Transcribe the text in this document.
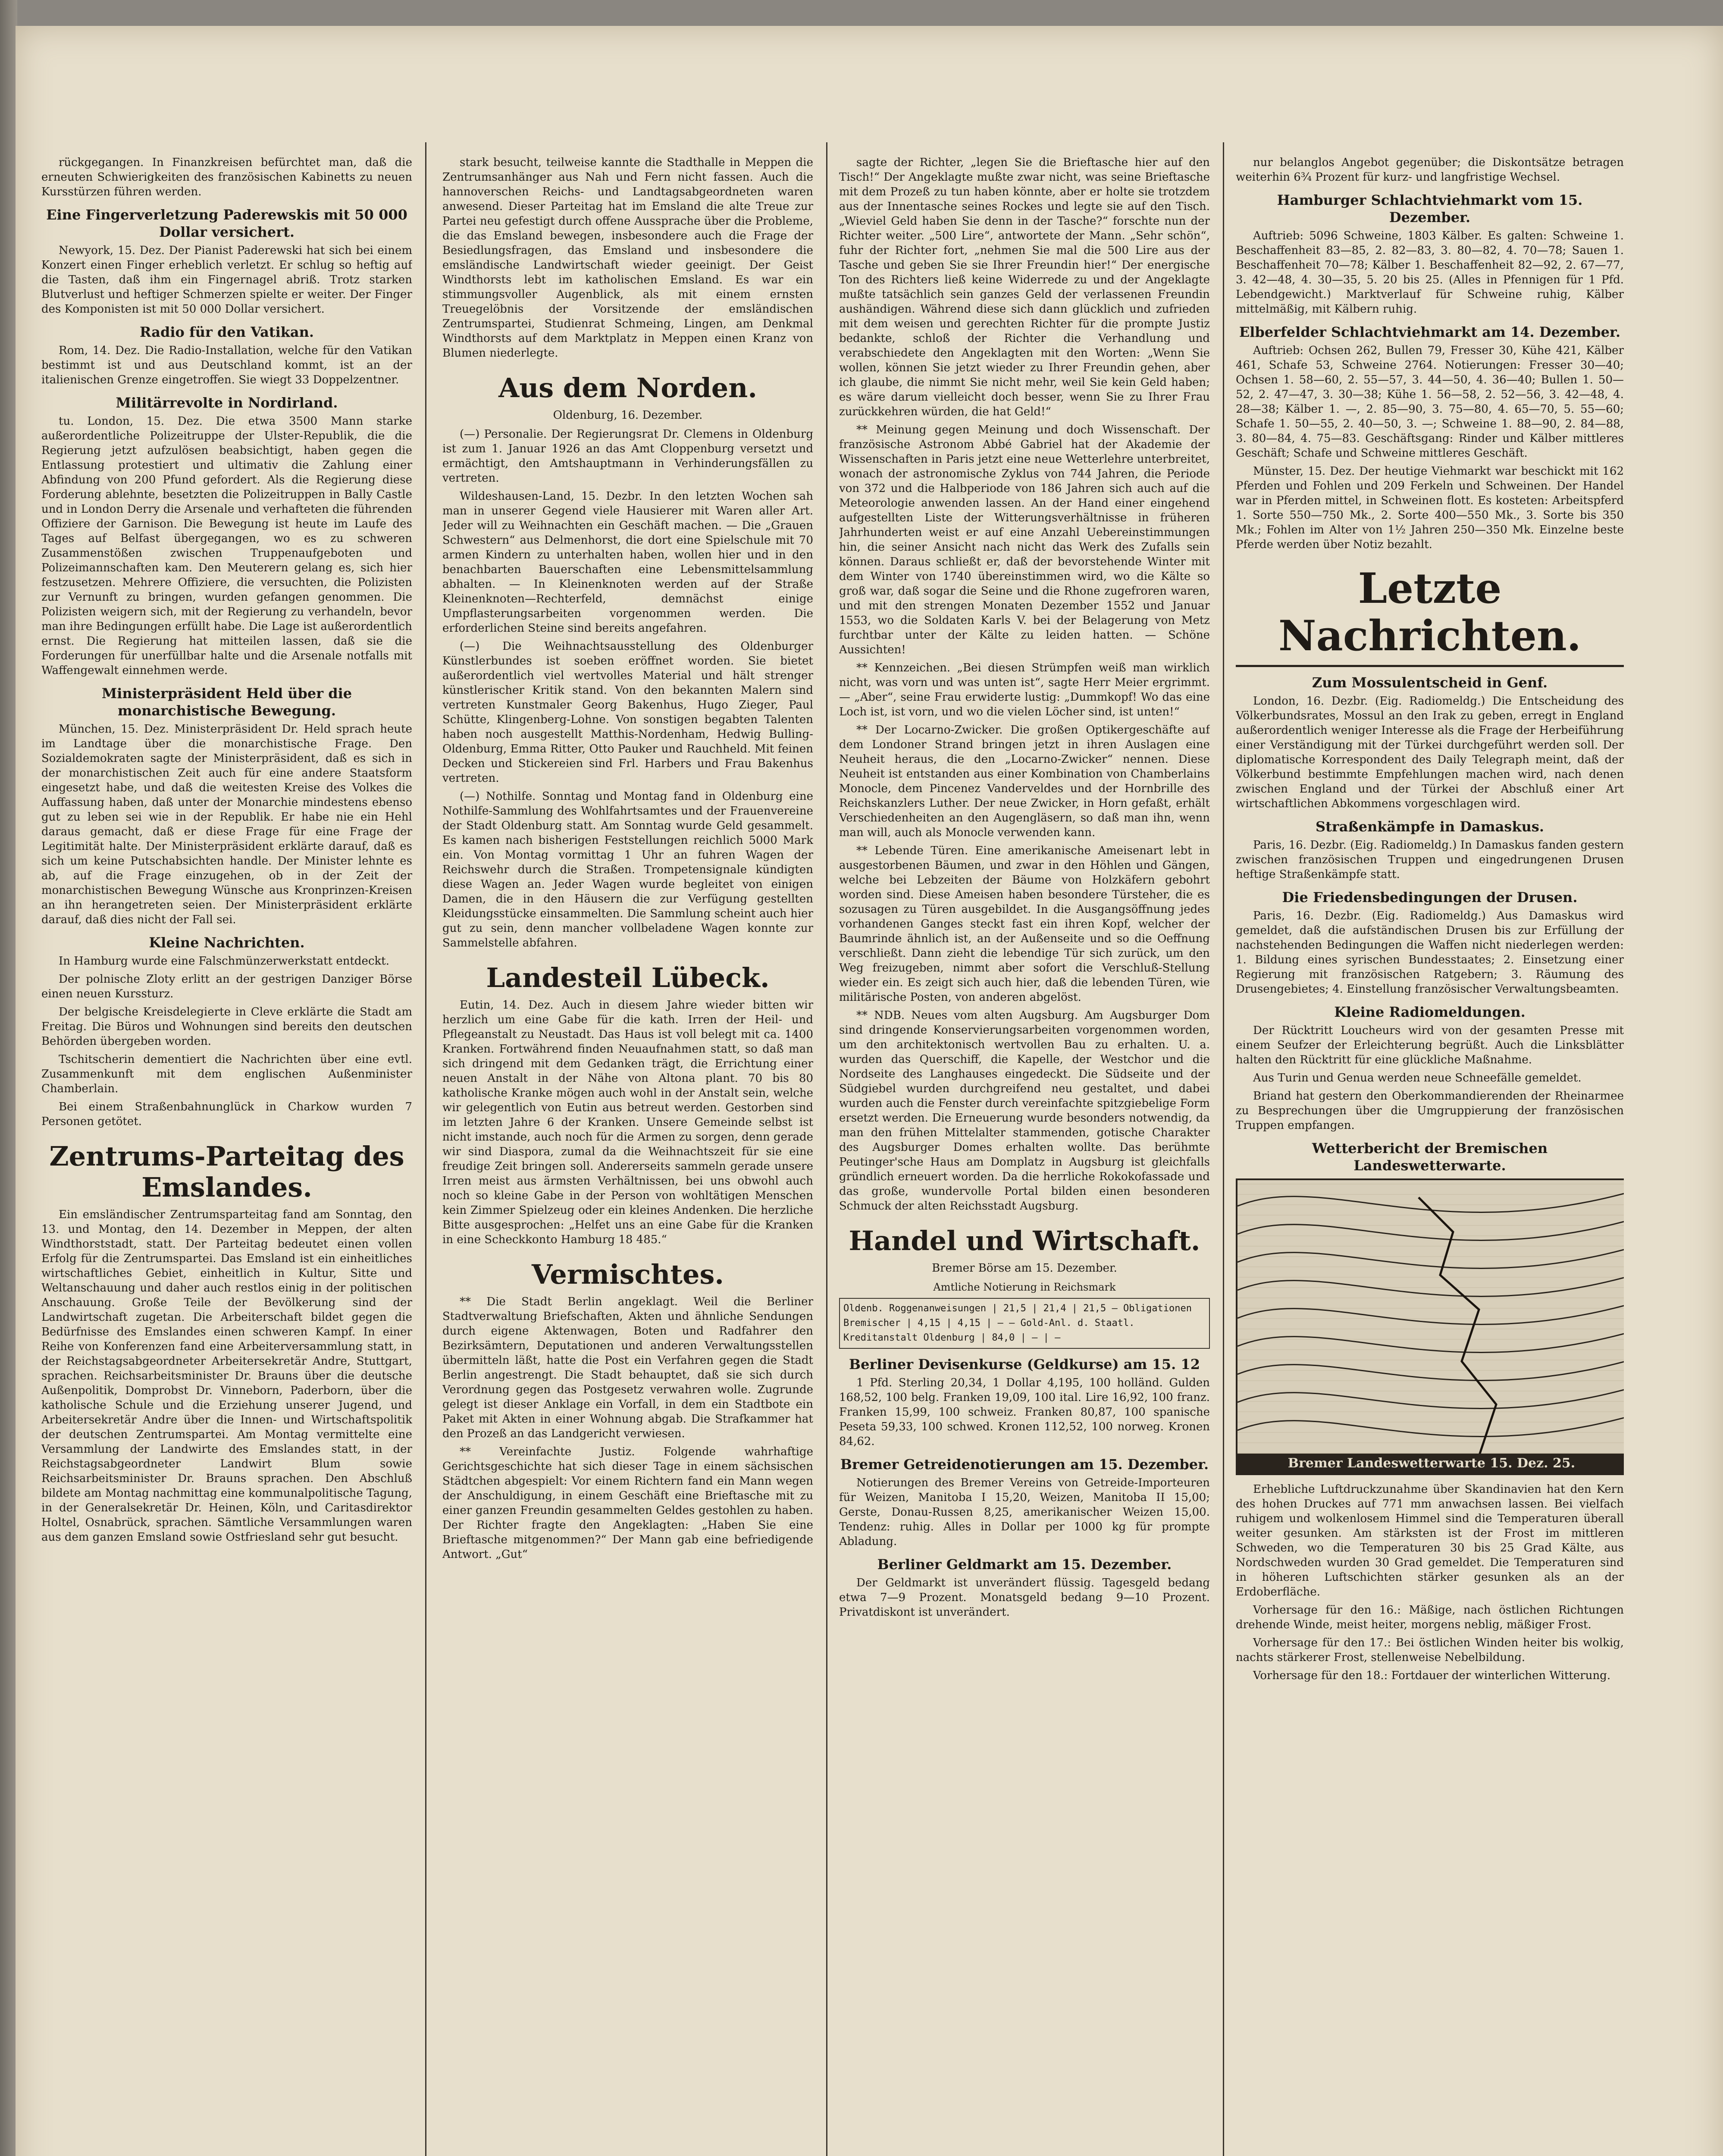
rückgegangen. In Finanzkreisen befürchtet man, daß die erneuten Schwierigkeiten des französischen Kabinetts zu neuen Kursstürzen führen werden.

Eine Fingerverletzung Paderewskis mit 50 000 Dollar versichert.

Newyork, 15. Dez. Der Pianist Paderewski hat sich bei einem Konzert einen Finger erheblich verletzt. Er schlug so heftig auf die Tasten, daß ihm ein Fingernagel abriß. Trotz starken Blutverlust und heftiger Schmerzen spielte er weiter. Der Finger des Komponisten ist mit 50 000 Dollar versichert.

Radio für den Vatikan.

Rom, 14. Dez. Die Radio-Installation, welche für den Vatikan bestimmt ist und aus Deutschland kommt, ist an der italienischen Grenze eingetroffen. Sie wiegt 33 Doppelzentner.

Militärrevolte in Nordirland.

tu. London, 15. Dez. Die etwa 3500 Mann starke außerordentliche Polizeitruppe der Ulster-Republik, die die Regierung jetzt aufzulösen beabsichtigt, haben gegen die Entlassung protestiert und ultimativ die Zahlung einer Abfindung von 200 Pfund gefordert. Als die Regierung diese Forderung ablehnte, besetzten die Polizeitruppen in Bally Castle und in London Derry die Arsenale und verhafteten die führenden Offiziere der Garnison. Die Bewegung ist heute im Laufe des Tages auf Belfast übergegangen, wo es zu schweren Zusammenstößen zwischen Truppenaufgeboten und Polizeimannschaften kam. Den Meuterern gelang es, sich hier festzusetzen. Mehrere Offiziere, die versuchten, die Polizisten zur Vernunft zu bringen, wurden gefangen genommen. Die Polizisten weigern sich, mit der Regierung zu verhandeln, bevor man ihre Bedingungen erfüllt habe. Die Lage ist außerordentlich ernst. Die Regierung hat mitteilen lassen, daß sie die Forderungen für unerfüllbar halte und die Arsenale notfalls mit Waffengewalt einnehmen werde.

Ministerpräsident Held über die monarchistische Bewegung.

München, 15. Dez. Ministerpräsident Dr. Held sprach heute im Landtage über die monarchistische Frage. Den Sozialdemokraten sagte der Ministerpräsident, daß es sich in der monarchistischen Zeit auch für eine andere Staatsform eingesetzt habe, und daß die weitesten Kreise des Volkes die Auffassung haben, daß unter der Monarchie mindestens ebenso gut zu leben sei wie in der Republik. Er habe nie ein Hehl daraus gemacht, daß er diese Frage für eine Frage der Legitimität halte. Der Ministerpräsident erklärte darauf, daß es sich um keine Putschabsichten handle. Der Minister lehnte es ab, auf die Frage einzugehen, ob in der Zeit der monarchistischen Bewegung Wünsche aus Kronprinzen-Kreisen an ihn herangetreten seien. Der Ministerpräsident erklärte darauf, daß dies nicht der Fall sei.

Kleine Nachrichten.

In Hamburg wurde eine Falschmünzerwerkstatt entdeckt.

Der polnische Zloty erlitt an der gestrigen Danziger Börse einen neuen Kurssturz.

Der belgische Kreisdelegierte in Cleve erklärte die Stadt am Freitag. Die Büros und Wohnungen sind bereits den deutschen Behörden übergeben worden.

Tschitscherin dementiert die Nachrichten über eine evtl. Zusammenkunft mit dem englischen Außenminister Chamberlain.

Bei einem Straßenbahnunglück in Charkow wurden 7 Personen getötet.

Zentrums-Parteitag des Emslandes.

Ein emsländischer Zentrumsparteitag fand am Sonntag, den 13. und Montag, den 14. Dezember in Meppen, der alten Windthorststadt, statt. Der Parteitag bedeutet einen vollen Erfolg für die Zentrumspartei. Das Emsland ist ein einheitliches wirtschaftliches Gebiet, einheitlich in Kultur, Sitte und Weltanschauung und daher auch restlos einig in der politischen Anschauung. Große Teile der Bevölkerung sind der Landwirtschaft zugetan. Die Arbeiterschaft bildet gegen die Bedürfnisse des Emslandes einen schweren Kampf. In einer Reihe von Konferenzen fand eine Arbeiterversammlung statt, in der Reichstagsabgeordneter Arbeitersekretär Andre, Stuttgart, sprachen. Reichsarbeitsminister Dr. Brauns über die deutsche Außenpolitik, Domprobst Dr. Vinneborn, Paderborn, über die katholische Schule und die Erziehung unserer Jugend, und Arbeitersekretär Andre über die Innen- und Wirtschaftspolitik der deutschen Zentrumspartei. Am Montag vermittelte eine Versammlung der Landwirte des Emslandes statt, in der Reichstagsabgeordneter Landwirt Blum sowie Reichsarbeitsminister Dr. Brauns sprachen. Den Abschluß bildete am Montag nachmittag eine kommunalpolitische Tagung, in der Generalsekretär Dr. Heinen, Köln, und Caritasdirektor Holtel, Osnabrück, sprachen. Sämtliche Versammlungen waren aus dem ganzen Emsland sowie Ostfriesland sehr gut besucht.

stark besucht, teilweise kannte die Stadthalle in Meppen die Zentrumsanhänger aus Nah und Fern nicht fassen. Auch die hannoverschen Reichs- und Landtagsabgeordneten waren anwesend. Dieser Parteitag hat im Emsland die alte Treue zur Partei neu gefestigt durch offene Aussprache über die Probleme, die das Emsland bewegen, insbesondere auch die Frage der Besiedlungsfragen, das Emsland und insbesondere die emsländische Landwirtschaft wieder geeinigt. Der Geist Windthorsts lebt im katholischen Emsland. Es war ein stimmungsvoller Augenblick, als mit einem ernsten Treuegelöbnis der Vorsitzende der emsländischen Zentrumspartei, Studienrat Schmeing, Lingen, am Denkmal Windthorsts auf dem Marktplatz in Meppen einen Kranz von Blumen niederlegte.

Aus dem Norden.
Oldenburg, 16. Dezember.

(—) Personalie. Der Regierungsrat Dr. Clemens in Oldenburg ist zum 1. Januar 1926 an das Amt Cloppenburg versetzt und ermächtigt, den Amtshauptmann in Verhinderungsfällen zu vertreten.

Wildeshausen-Land, 15. Dezbr. In den letzten Wochen sah man in unserer Gegend viele Hausierer mit Waren aller Art. Jeder will zu Weihnachten ein Geschäft machen. — Die „Grauen Schwestern“ aus Delmenhorst, die dort eine Spielschule mit 70 armen Kindern zu unterhalten haben, wollen hier und in den benachbarten Bauerschaften eine Lebensmittelsammlung abhalten. — In Kleinenknoten werden auf der Straße Kleinenknoten—Rechterfeld, demnächst einige Umpflasterungsarbeiten vorgenommen werden. Die erforderlichen Steine sind bereits angefahren.

(—) Die Weihnachtsausstellung des Oldenburger Künstlerbundes ist soeben eröffnet worden. Sie bietet außerordentlich viel wertvolles Material und hält strenger künstlerischer Kritik stand. Von den bekannten Malern sind vertreten Kunstmaler Georg Bakenhus, Hugo Zieger, Paul Schütte, Klingenberg-Lohne. Von sonstigen begabten Talenten haben noch ausgestellt Matthis-Nordenham, Hedwig Bulling-Oldenburg, Emma Ritter, Otto Pauker und Rauchheld. Mit feinen Decken und Stickereien sind Frl. Harbers und Frau Bakenhus vertreten.

(—) Nothilfe. Sonntag und Montag fand in Oldenburg eine Nothilfe-Sammlung des Wohlfahrtsamtes und der Frauenvereine der Stadt Oldenburg statt. Am Sonntag wurde Geld gesammelt. Es kamen nach bisherigen Feststellungen reichlich 5000 Mark ein. Von Montag vormittag 1 Uhr an fuhren Wagen der Reichswehr durch die Straßen. Trompetensignale kündigten diese Wagen an. Jeder Wagen wurde begleitet von einigen Damen, die in den Häusern die zur Verfügung gestellten Kleidungsstücke einsammelten. Die Sammlung scheint auch hier gut zu sein, denn mancher vollbeladene Wagen konnte zur Sammelstelle abfahren.

Landesteil Lübeck.

Eutin, 14. Dez. Auch in diesem Jahre wieder bitten wir herzlich um eine Gabe für die kath. Irren der Heil- und Pflegeanstalt zu Neustadt. Das Haus ist voll belegt mit ca. 1400 Kranken. Fortwährend finden Neuaufnahmen statt, so daß man sich dringend mit dem Gedanken trägt, die Errichtung einer neuen Anstalt in der Nähe von Altona plant. 70 bis 80 katholische Kranke mögen auch wohl in der Anstalt sein, welche wir gelegentlich von Eutin aus betreut werden. Gestorben sind im letzten Jahre 6 der Kranken. Unsere Gemeinde selbst ist nicht imstande, auch noch für die Armen zu sorgen, denn gerade wir sind Diaspora, zumal da die Weihnachtszeit für sie eine freudige Zeit bringen soll. Andererseits sammeln gerade unsere Irren meist aus ärmsten Verhältnissen, bei uns obwohl auch noch so kleine Gabe in der Person von wohltätigen Menschen kein Zimmer Spielzeug oder ein kleines Andenken. Die herzliche Bitte ausgesprochen: „Helfet uns an eine Gabe für die Kranken in eine Scheckkonto Hamburg 18 485.“

Vermischtes.

** Die Stadt Berlin angeklagt. Weil die Berliner Stadtverwaltung Briefschaften, Akten und ähnliche Sendungen durch eigene Aktenwagen, Boten und Radfahrer den Bezirksämtern, Deputationen und anderen Verwaltungsstellen übermitteln läßt, hatte die Post ein Verfahren gegen die Stadt Berlin angestrengt. Die Stadt behauptet, daß sie sich durch Verordnung gegen das Postgesetz verwahren wolle. Zugrunde gelegt ist dieser Anklage ein Vorfall, in dem ein Stadtbote ein Paket mit Akten in einer Wohnung abgab. Die Strafkammer hat den Prozeß an das Landgericht verwiesen.

** Vereinfachte Justiz. Folgende wahrhaftige Gerichtsgeschichte hat sich dieser Tage in einem sächsischen Städtchen abgespielt: Vor einem Richtern fand ein Mann wegen der Anschuldigung, in einem Geschäft eine Brieftasche mit zu einer ganzen Freundin gesammelten Geldes gestohlen zu haben. Der Richter fragte den Angeklagten: „Haben Sie eine Brieftasche mitgenommen?“ Der Mann gab eine befriedigende Antwort. „Gut“

sagte der Richter, „legen Sie die Brieftasche hier auf den Tisch!“ Der Angeklagte mußte zwar nicht, was seine Brieftasche mit dem Prozeß zu tun haben könnte, aber er holte sie trotzdem aus der Innentasche seines Rockes und legte sie auf den Tisch. „Wieviel Geld haben Sie denn in der Tasche?“ forschte nun der Richter weiter. „500 Lire“, antwortete der Mann. „Sehr schön“, fuhr der Richter fort, „nehmen Sie mal die 500 Lire aus der Tasche und geben Sie sie Ihrer Freundin hier!“ Der energische Ton des Richters ließ keine Widerrede zu und der Angeklagte mußte tatsächlich sein ganzes Geld der verlassenen Freundin aushändigen. Während diese sich dann glücklich und zufrieden mit dem weisen und gerechten Richter für die prompte Justiz bedankte, schloß der Richter die Verhandlung und verabschiedete den Angeklagten mit den Worten: „Wenn Sie wollen, können Sie jetzt wieder zu Ihrer Freundin gehen, aber ich glaube, die nimmt Sie nicht mehr, weil Sie kein Geld haben; es wäre darum vielleicht doch besser, wenn Sie zu Ihrer Frau zurückkehren würden, die hat Geld!“

** Meinung gegen Meinung und doch Wissenschaft. Der französische Astronom Abbé Gabriel hat der Akademie der Wissenschaften in Paris jetzt eine neue Wetterlehre unterbreitet, wonach der astronomische Zyklus von 744 Jahren, die Periode von 372 und die Halbperiode von 186 Jahren sich auch auf die Meteorologie anwenden lassen. An der Hand einer eingehend aufgestellten Liste der Witterungsverhältnisse in früheren Jahrhunderten weist er auf eine Anzahl Uebereinstimmungen hin, die seiner Ansicht nach nicht das Werk des Zufalls sein können. Daraus schließt er, daß der bevorstehende Winter mit dem Winter von 1740 übereinstimmen wird, wo die Kälte so groß war, daß sogar die Seine und die Rhone zugefroren waren, und mit den strengen Monaten Dezember 1552 und Januar 1553, wo die Soldaten Karls V. bei der Belagerung von Metz furchtbar unter der Kälte zu leiden hatten. — Schöne Aussichten!

** Kennzeichen. „Bei diesen Strümpfen weiß man wirklich nicht, was vorn und was unten ist“, sagte Herr Meier ergrimmt. — „Aber“, seine Frau erwiderte lustig: „Dummkopf! Wo das eine Loch ist, ist vorn, und wo die vielen Löcher sind, ist unten!“

** Der Locarno-Zwicker. Die großen Optikergeschäfte auf dem Londoner Strand bringen jetzt in ihren Auslagen eine Neuheit heraus, die den „Locarno-Zwicker“ nennen. Diese Neuheit ist entstanden aus einer Kombination von Chamberlains Monocle, dem Pincenez Vanderveldes und der Hornbrille des Reichskanzlers Luther. Der neue Zwicker, in Horn gefaßt, erhält Verschiedenheiten an den Augengläsern, so daß man ihn, wenn man will, auch als Monocle verwenden kann.

** Lebende Türen. Eine amerikanische Ameisenart lebt in ausgestorbenen Bäumen, und zwar in den Höhlen und Gängen, welche bei Lebzeiten der Bäume von Holzkäfern gebohrt worden sind. Diese Ameisen haben besondere Türsteher, die es sozusagen zu Türen ausgebildet. In die Ausgangsöffnung jedes vorhandenen Ganges steckt fast ein ihren Kopf, welcher der Baumrinde ähnlich ist, an der Außenseite und so die Oeffnung verschließt. Dann zieht die lebendige Tür sich zurück, um den Weg freizugeben, nimmt aber sofort die Verschluß-Stellung wieder ein. Es zeigt sich auch hier, daß die lebenden Türen, wie militärische Posten, von anderen abgelöst.

** NDB. Neues vom alten Augsburg. Am Augsburger Dom sind dringende Konservierungsarbeiten vorgenommen worden, um den architektonisch wertvollen Bau zu erhalten. U. a. wurden das Querschiff, die Kapelle, der Westchor und die Nordseite des Langhauses eingedeckt. Die Südseite und der Südgiebel wurden durchgreifend neu gestaltet, und dabei wurden auch die Fenster durch vereinfachte spitzgiebelige Form ersetzt werden. Die Erneuerung wurde besonders notwendig, da man den frühen Mittelalter stammenden, gotische Charakter des Augsburger Domes erhalten wollte. Das berühmte Peutinger'sche Haus am Domplatz in Augsburg ist gleichfalls gründlich erneuert worden. Da die herrliche Rokokofassade und das große, wundervolle Portal bilden einen besonderen Schmuck der alten Reichsstadt Augsburg.

Handel und Wirtschaft.
Bremer Börse am 15. Dezember.
Amtliche Notierung in Reichsmark
Oldenb. Roggenanweisungen | 21,5 | 21,4 | 21,5 — Obligationen Bremischer | 4,15 | 4,15 | — — Gold-Anl. d. Staatl. Kreditanstalt Oldenburg | 84,0 | — | —
Berliner Devisenkurse (Geldkurse) am 15. 12

1 Pfd. Sterling 20,34, 1 Dollar 4,195, 100 holländ. Gulden 168,52, 100 belg. Franken 19,09, 100 ital. Lire 16,92, 100 franz. Franken 15,99, 100 schweiz. Franken 80,87, 100 spanische Peseta 59,33, 100 schwed. Kronen 112,52, 100 norweg. Kronen 84,62.

Bremer Getreidenotierungen am 15. Dezember.

Notierungen des Bremer Vereins von Getreide-Importeuren für Weizen, Manitoba I 15,20, Weizen, Manitoba II 15,00; Gerste, Donau-Russen 8,25, amerikanischer Weizen 15,00. Tendenz: ruhig. Alles in Dollar per 1000 kg für prompte Abladung.

Berliner Geldmarkt am 15. Dezember.

Der Geldmarkt ist unverändert flüssig. Tagesgeld bedang etwa 7—9 Prozent. Monatsgeld bedang 9—10 Prozent. Privatdiskont ist unverändert.

nur belanglos Angebot gegenüber; die Diskontsätze betragen weiterhin 6¾ Prozent für kurz- und langfristige Wechsel.

Hamburger Schlachtviehmarkt vom 15. Dezember.

Auftrieb: 5096 Schweine, 1803 Kälber. Es galten: Schweine 1. Beschaffenheit 83—85, 2. 82—83, 3. 80—82, 4. 70—78; Sauen 1. Beschaffenheit 70—78; Kälber 1. Beschaffenheit 82—92, 2. 67—77, 3. 42—48, 4. 30—35, 5. 20 bis 25. (Alles in Pfennigen für 1 Pfd. Lebendgewicht.) Marktverlauf für Schweine ruhig, Kälber mittelmäßig, mit Kälbern ruhig.

Elberfelder Schlachtviehmarkt am 14. Dezember.

Auftrieb: Ochsen 262, Bullen 79, Fresser 30, Kühe 421, Kälber 461, Schafe 53, Schweine 2764. Notierungen: Fresser 30—40; Ochsen 1. 58—60, 2. 55—57, 3. 44—50, 4. 36—40; Bullen 1. 50—52, 2. 47—47, 3. 30—38; Kühe 1. 56—58, 2. 52—56, 3. 42—48, 4. 28—38; Kälber 1. —, 2. 85—90, 3. 75—80, 4. 65—70, 5. 55—60; Schafe 1. 50—55, 2. 40—50, 3. —; Schweine 1. 88—90, 2. 84—88, 3. 80—84, 4. 75—83. Geschäftsgang: Rinder und Kälber mittleres Geschäft; Schafe und Schweine mittleres Geschäft.

Münster, 15. Dez. Der heutige Viehmarkt war beschickt mit 162 Pferden und Fohlen und 209 Ferkeln und Schweinen. Der Handel war in Pferden mittel, in Schweinen flott. Es kosteten: Arbeitspferd 1. Sorte 550—750 Mk., 2. Sorte 400—550 Mk., 3. Sorte bis 350 Mk.; Fohlen im Alter von 1½ Jahren 250—350 Mk. Einzelne beste Pferde werden über Notiz bezahlt.

Letzte Nachrichten.
Zum Mossulentscheid in Genf.

London, 16. Dezbr. (Eig. Radiomeldg.) Die Entscheidung des Völkerbundsrates, Mossul an den Irak zu geben, erregt in England außerordentlich weniger Interesse als die Frage der Herbeiführung einer Verständigung mit der Türkei durchgeführt werden soll. Der diplomatische Korrespondent des Daily Telegraph meint, daß der Völkerbund bestimmte Empfehlungen machen wird, nach denen zwischen England und der Türkei der Abschluß einer Art wirtschaftlichen Abkommens vorgeschlagen wird.

Straßenkämpfe in Damaskus.

Paris, 16. Dezbr. (Eig. Radiomeldg.) In Damaskus fanden gestern zwischen französischen Truppen und eingedrungenen Drusen heftige Straßenkämpfe statt.

Die Friedensbedingungen der Drusen.

Paris, 16. Dezbr. (Eig. Radiomeldg.) Aus Damaskus wird gemeldet, daß die aufständischen Drusen bis zur Erfüllung der nachstehenden Bedingungen die Waffen nicht niederlegen werden: 1. Bildung eines syrischen Bundesstaates; 2. Einsetzung einer Regierung mit französischen Ratgebern; 3. Räumung des Drusengebietes; 4. Einstellung französischer Verwaltungsbeamten.

Kleine Radiomeldungen.

Der Rücktritt Loucheurs wird von der gesamten Presse mit einem Seufzer der Erleichterung begrüßt. Auch die Linksblätter halten den Rücktritt für eine glückliche Maßnahme.

Aus Turin und Genua werden neue Schneefälle gemeldet.

Briand hat gestern den Oberkommandierenden der Rheinarmee zu Besprechungen über die Umgruppierung der französischen Truppen empfangen.

Wetterbericht der Bremischen Landeswetterwarte.
Bremer Landeswetterwarte 15. Dez. 25.

Erhebliche Luftdruckzunahme über Skandinavien hat den Kern des hohen Druckes auf 771 mm anwachsen lassen. Bei vielfach ruhigem und wolkenlosem Himmel sind die Temperaturen überall weiter gesunken. Am stärksten ist der Frost im mittleren Schweden, wo die Temperaturen 30 bis 25 Grad Kälte, aus Nordschweden wurden 30 Grad gemeldet. Die Temperaturen sind in höheren Luftschichten stärker gesunken als an der Erdoberfläche.

Vorhersage für den 16.: Mäßige, nach östlichen Richtungen drehende Winde, meist heiter, morgens neblig, mäßiger Frost.

Vorhersage für den 17.: Bei östlichen Winden heiter bis wolkig, nachts stärkerer Frost, stellenweise Nebelbildung.

Vorhersage für den 18.: Fortdauer der winterlichen Witterung.
